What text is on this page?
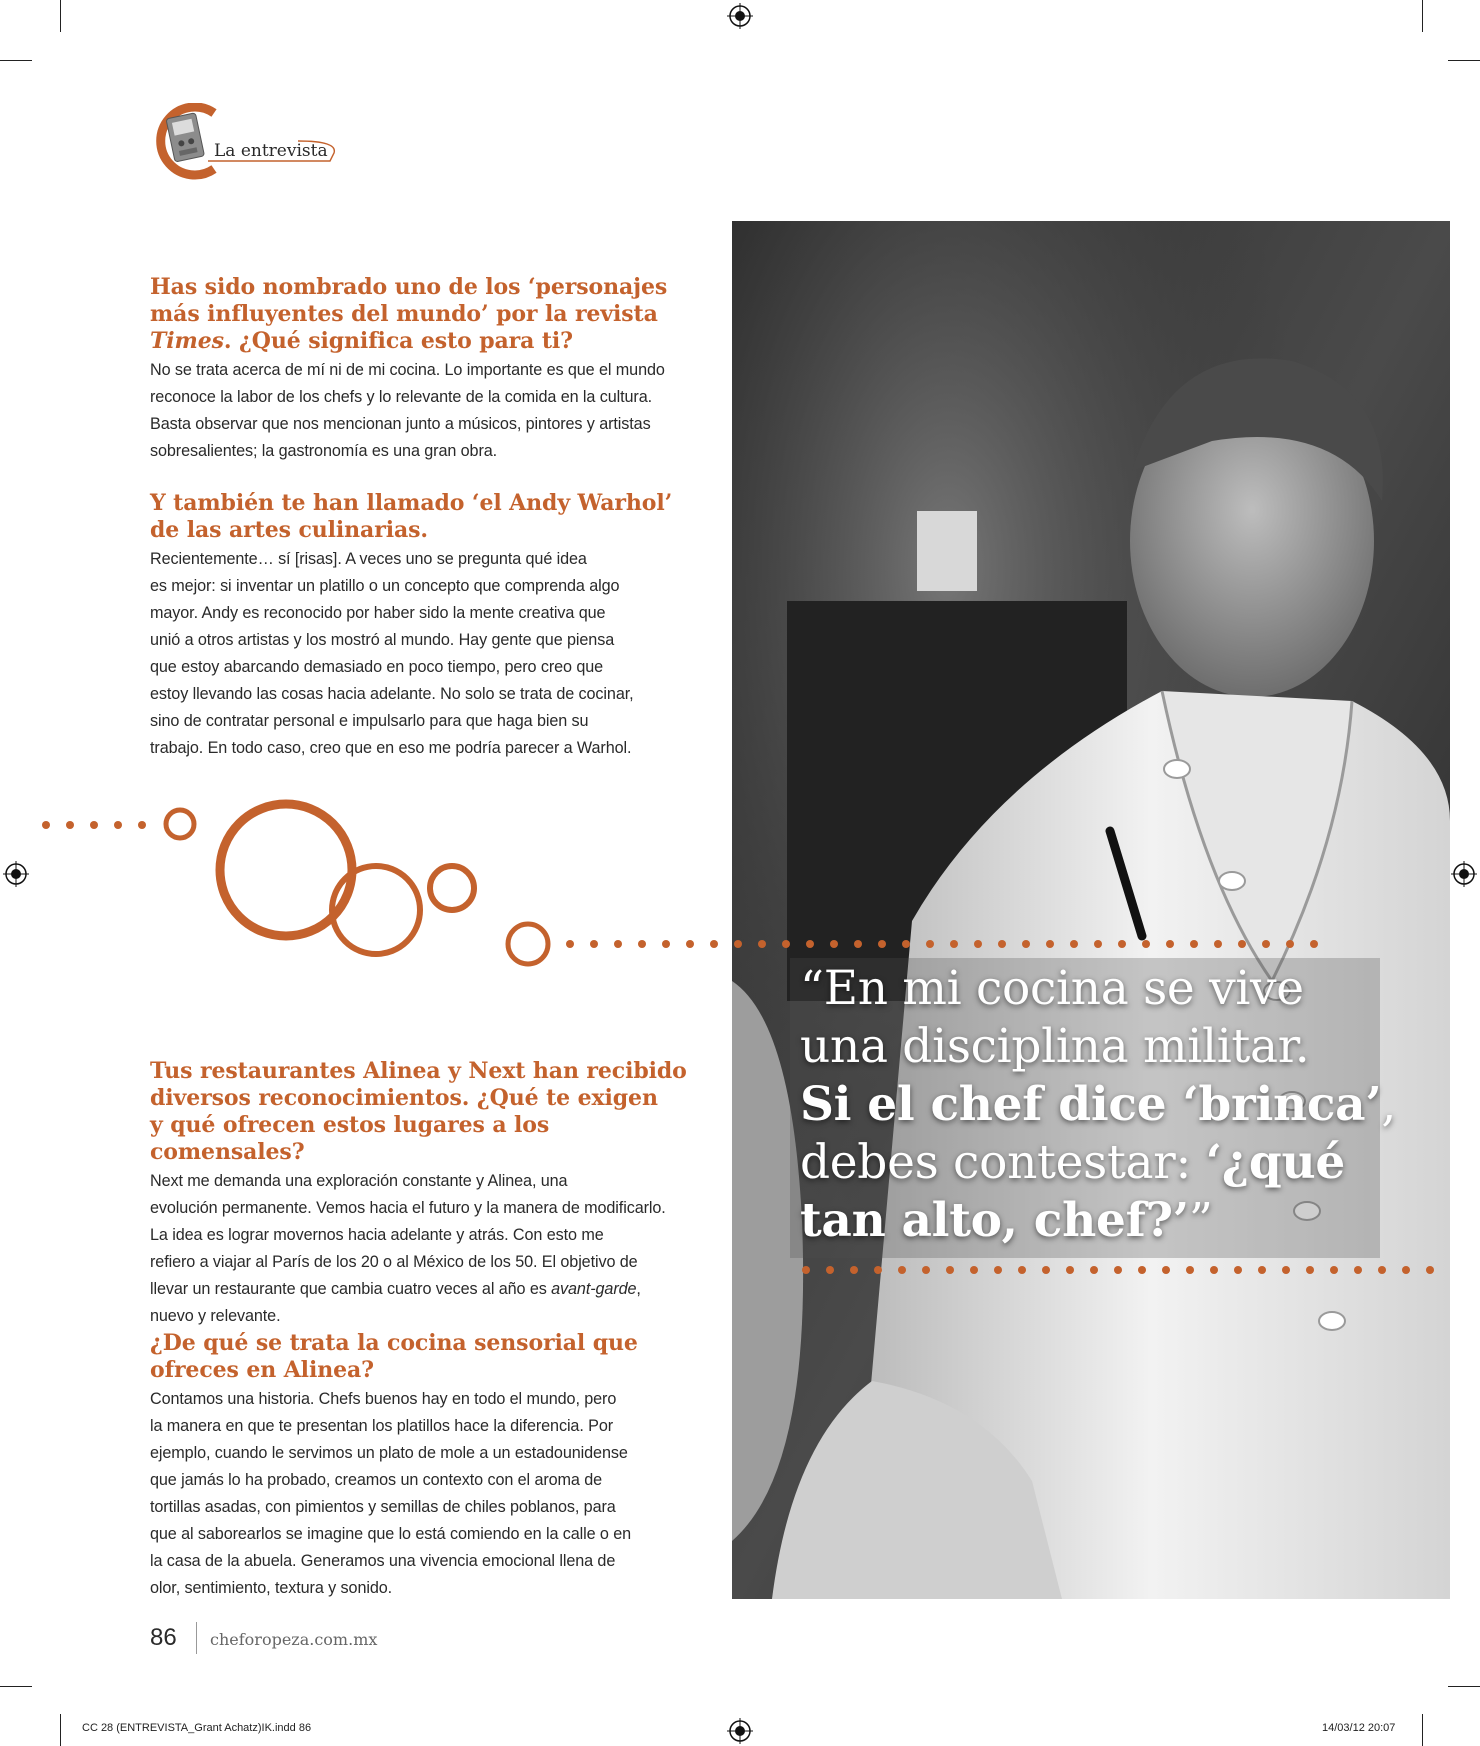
La entrevista
Has sido nombrado uno de los ‘personajes
más influyentes del mundo’ por la revista
Times. ¿Qué significa esto para ti?
No se trata acerca de mí ni de mi cocina. Lo importante es que el mundo
reconoce la labor de los chefs y lo relevante de la comida en la cultura.
Basta observar que nos mencionan junto a músicos, pintores y artistas
sobresalientes; la gastronomía es una gran obra.
Y también te han llamado ‘el Andy Warhol’
de las artes culinarias.
Recientemente… sí [risas]. A veces uno se pregunta qué idea
es mejor: si inventar un platillo o un concepto que comprenda algo
mayor. Andy es reconocido por haber sido la mente creativa que
unió a otros artistas y los mostró al mundo. Hay gente que piensa
que estoy abarcando demasiado en poco tiempo, pero creo que
estoy llevando las cosas hacia adelante. No solo se trata de cocinar,
sino de contratar personal e impulsarlo para que haga bien su
trabajo. En todo caso, creo que en eso me podría parecer a Warhol.
“En mi cocina se vive
una disciplina militar.
Si el chef dice ‘brinca’,
debes contestar: ‘¿qué
tan alto, chef?’”
Tus restaurantes Alinea y Next han recibido
diversos reconocimientos. ¿Qué te exigen
y qué ofrecen estos lugares a los comensales?
Next me demanda una exploración constante y Alinea, una
evolución permanente. Vemos hacia el futuro y la manera de modificarlo.
La idea es lograr movernos hacia adelante y atrás. Con esto me
refiero a viajar al París de los 20 o al México de los 50. El objetivo de
llevar un restaurante que cambia cuatro veces al año es avant-garde,
nuevo y relevante.
¿De qué se trata la cocina sensorial que
ofreces en Alinea?
Contamos una historia. Chefs buenos hay en todo el mundo, pero
la manera en que te presentan los platillos hace la diferencia. Por
ejemplo, cuando le servimos un plato de mole a un estadounidense
que jamás lo ha probado, creamos un contexto con el aroma de
tortillas asadas, con pimientos y semillas de chiles poblanos, para
que al saborearlos se imagine que lo está comiendo en la calle o en
la casa de la abuela. Generamos una vivencia emocional llena de
olor, sentimiento, textura y sonido.
86 cheforopeza.com.mx
CC 28 (ENTREVISTA_Grant Achatz)IK.indd 86	14/03/12 20:07
